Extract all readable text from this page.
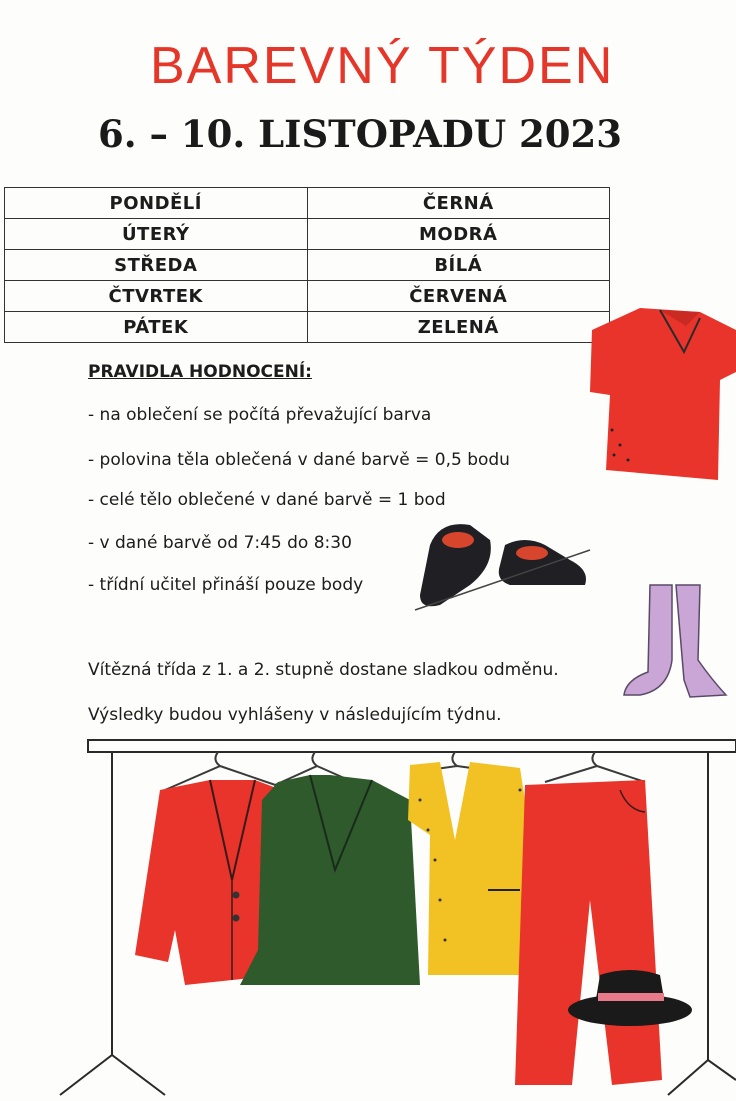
BAREVNÝ TÝDEN
6. – 10. LISTOPADU 2023
PONDĚLÍ	ČERNÁ
ÚTERÝ	MODRÁ
STŘEDA	BÍLÁ
ČTVRTEK	ČERVENÁ
PÁTEK	ZELENÁ
PRAVIDLA HODNOCENÍ:
- na oblečení se počítá převažující barva
- polovina těla oblečená v dané barvě = 0,5 bodu
- celé tělo oblečené v dané barvě = 1 bod
- v dané barvě od 7:45 do 8:30
- třídní učitel přináší pouze body
Vítězná třída z 1. a 2. stupně dostane sladkou odměnu.
Výsledky budou vyhlášeny v následujícím týdnu.
